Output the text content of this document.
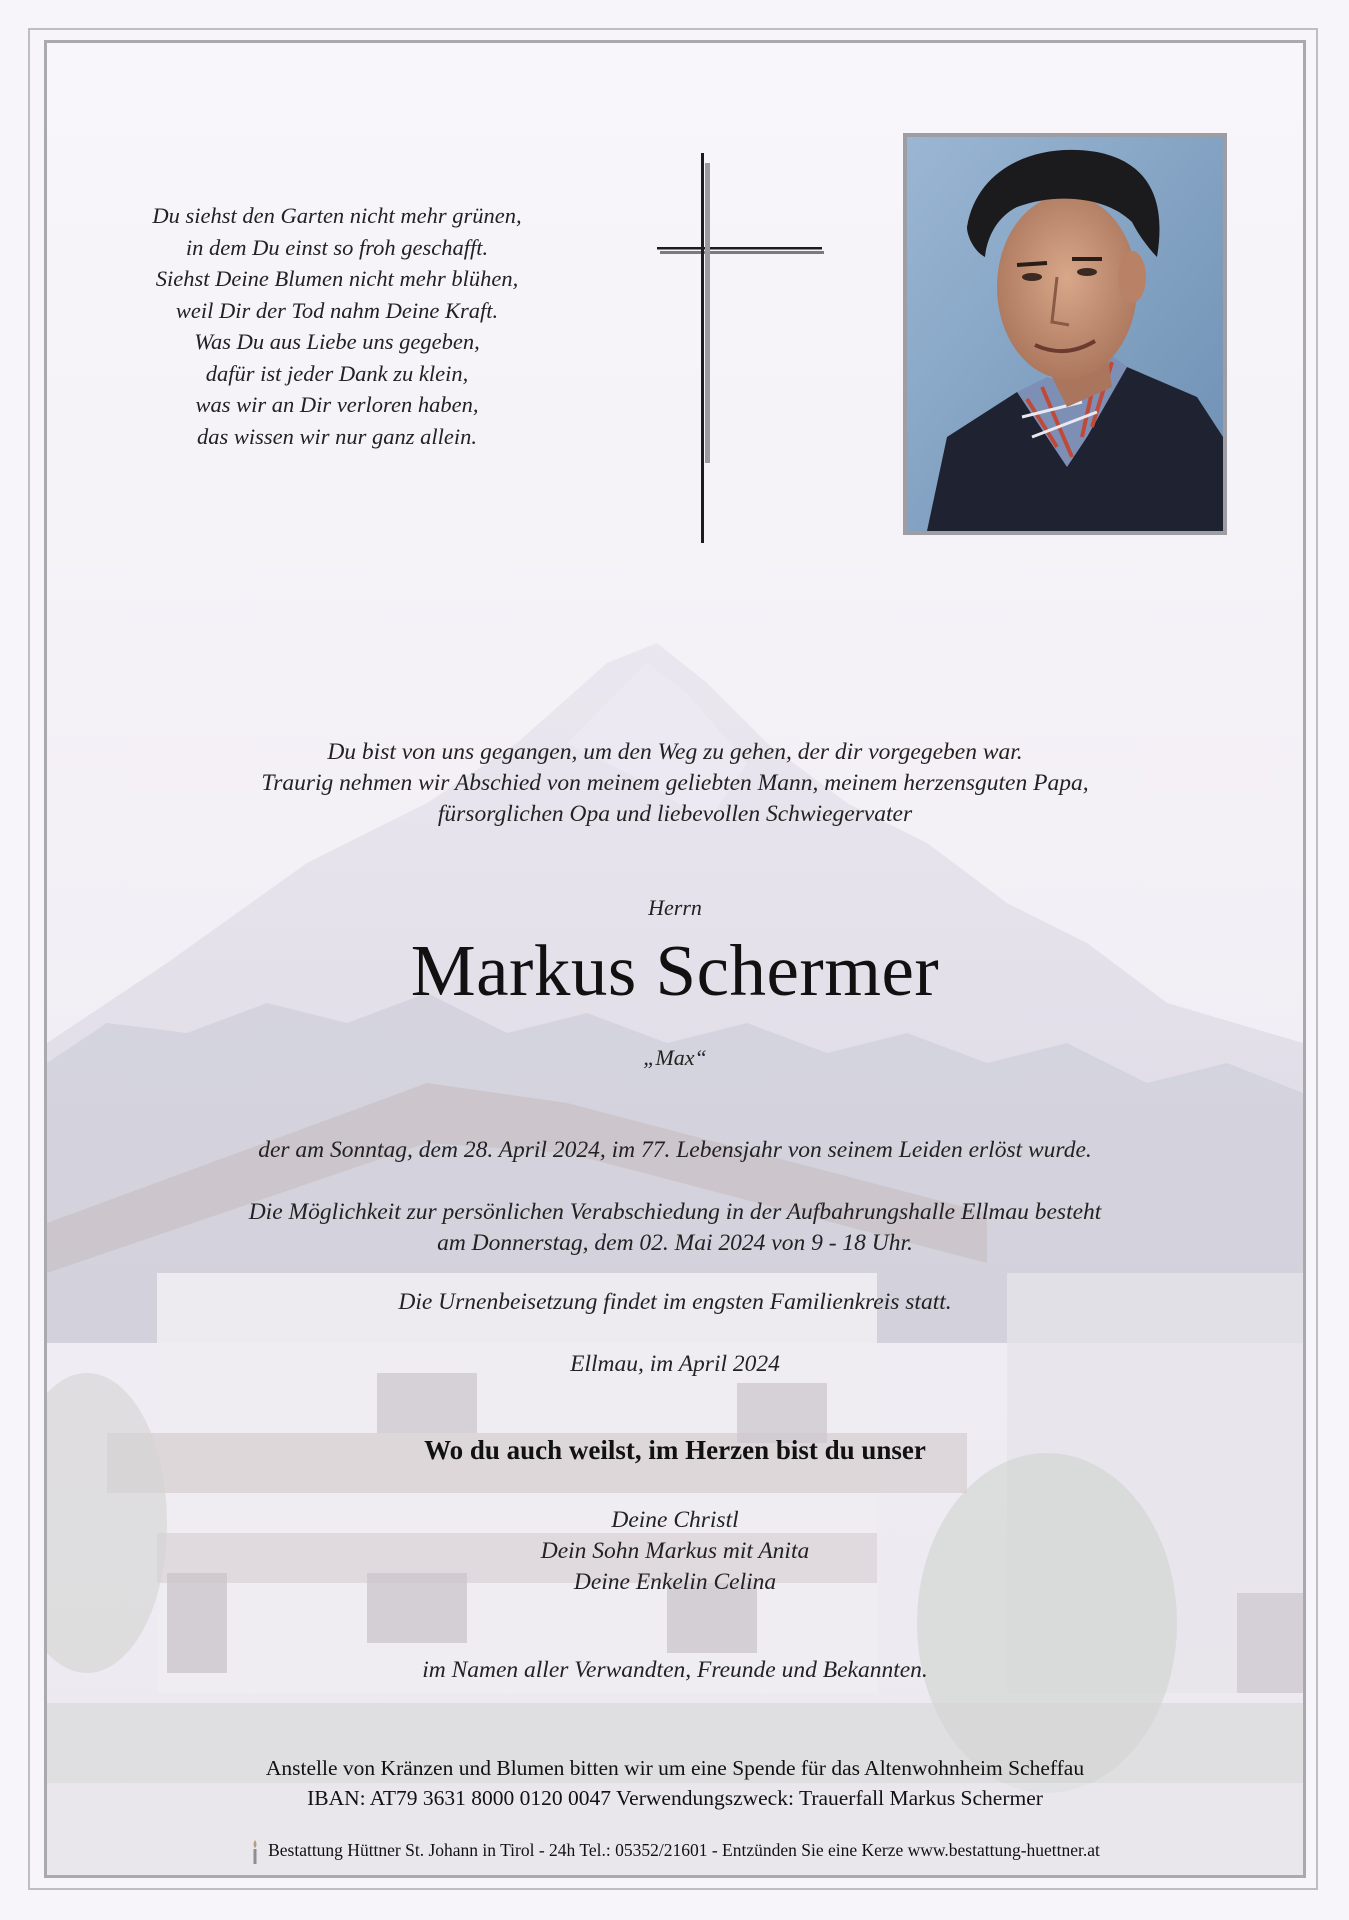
Du siehst den Garten nicht mehr grünen,
in dem Du einst so froh geschafft.
Siehst Deine Blumen nicht mehr blühen,
weil Dir der Tod nahm Deine Kraft.
Was Du aus Liebe uns gegeben,
dafür ist jeder Dank zu klein,
was wir an Dir verloren haben,
das wissen wir nur ganz allein.
Du bist von uns gegangen, um den Weg zu gehen, der dir vorgegeben war.
Traurig nehmen wir Abschied von meinem geliebten Mann, meinem herzensguten Papa,
fürsorglichen Opa und liebevollen Schwiegervater
Herrn
Markus Schermer
„Max“
der am Sonntag, dem 28. April 2024, im 77. Lebensjahr von seinem Leiden erlöst wurde.
Die Möglichkeit zur persönlichen Verabschiedung in der Aufbahrungshalle Ellmau besteht
am Donnerstag, dem 02. Mai 2024 von 9 - 18 Uhr.
Die Urnenbeisetzung findet im engsten Familienkreis statt.
Ellmau, im April 2024
Wo du auch weilst, im Herzen bist du unser
Deine Christl
Dein Sohn Markus mit Anita
Deine Enkelin Celina
im Namen aller Verwandten, Freunde und Bekannten.
Anstelle von Kränzen und Blumen bitten wir um eine Spende für das Altenwohnheim Scheffau
IBAN: AT79 3631 8000 0120 0047 Verwendungszweck: Trauerfall Markus Schermer
Bestattung Hüttner St. Johann in Tirol - 24h Tel.: 05352/21601 - Entzünden Sie eine Kerze www.bestattung-huettner.at
